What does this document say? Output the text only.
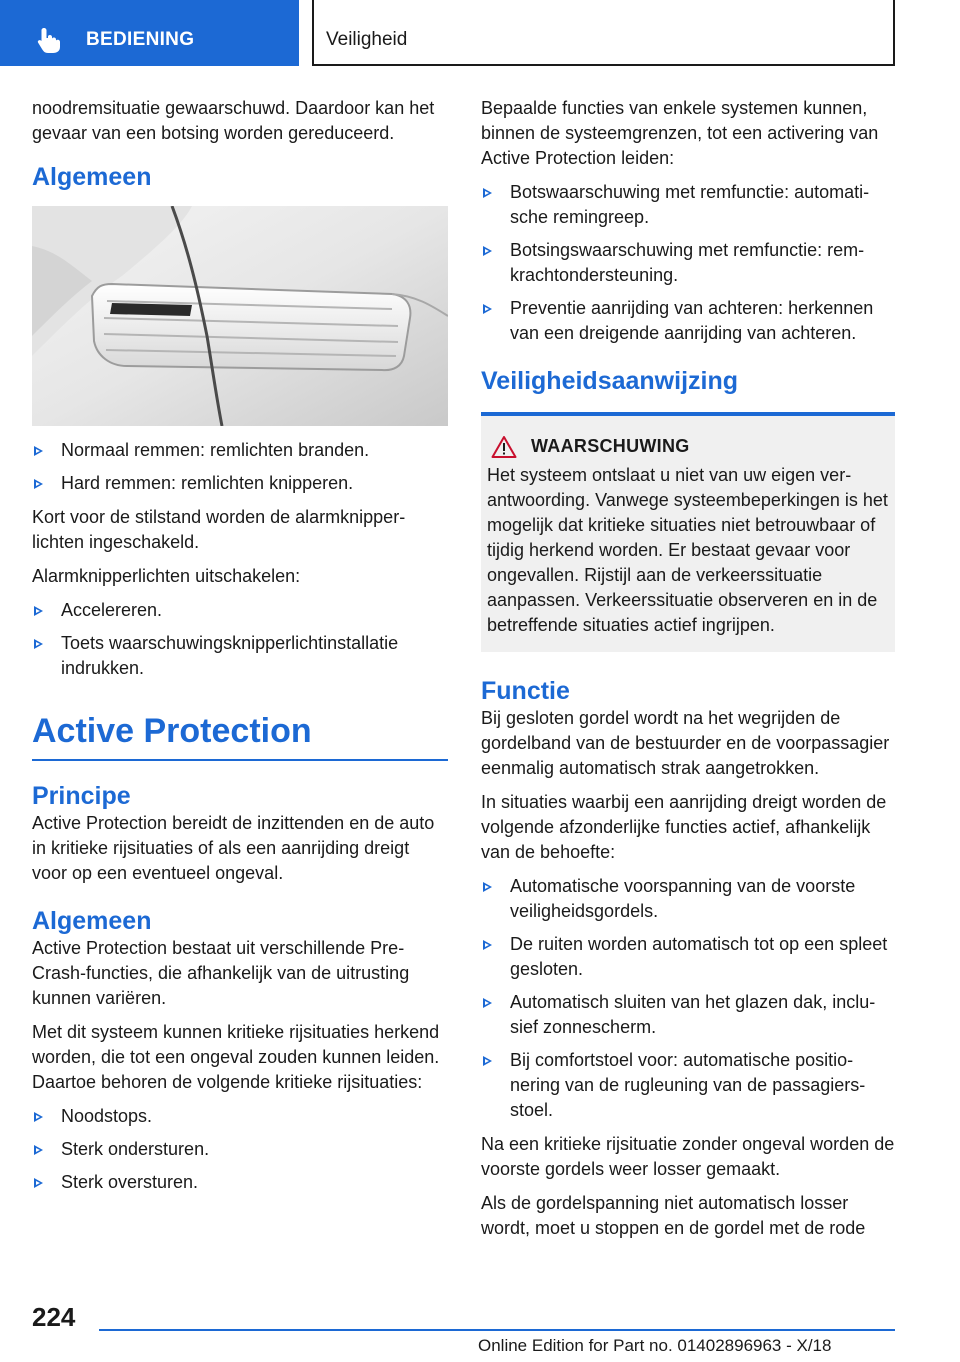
BEDIENING	Veiligheid

noodremsituatie gewaarschuwd. Daardoor kan het gevaar van een botsing worden gereduceerd.

Algemeen
Normaal remmen: remlichten branden.
Hard remmen: remlichten knipperen.

Kort voor de stilstand worden de alarmknipperlichten ingeschakeld.

Alarmknipperlichten uitschakelen:

Accelereren.
Toets waarschuwingsknipperlichtinstallatie indrukken.
Active Protection
Principe

Active Protection bereidt de inzittenden en de auto in kritieke rijsituaties of als een aanrijding dreigt voor op een eventueel ongeval.

Algemeen

Active Protection bestaat uit verschillende Pre-Crash-functies, die afhankelijk van de uitrusting kunnen variëren.

Met dit systeem kunnen kritieke rijsituaties herkend worden, die tot een ongeval zouden kunnen leiden. Daartoe behoren de volgende kritieke rijsituaties:

Noodstops.
Sterk ondersturen.
Sterk oversturen.

Bepaalde functies van enkele systemen kunnen, binnen de systeemgrenzen, tot een activering van Active Protection leiden:

Botswaarschuwing met remfunctie: automatische remingreep.
Botsingswaarschuwing met remfunctie: remkrachtondersteuning.
Preventie aanrijding van achteren: herkennen van een dreigende aanrijding van achteren.
Veiligheidsaanwijzing
WAARSCHUWING
Het systeem ontslaat u niet van uw eigen verantwoording. Vanwege systeembeperkingen is het mogelijk dat kritieke situaties niet betrouwbaar of tijdig herkend worden. Er bestaat gevaar voor ongevallen. Rijstijl aan de verkeerssituatie aanpassen. Verkeerssituatie observeren en in de betreffende situaties actief ingrijpen.
Functie

Bij gesloten gordel wordt na het wegrijden de gordelband van de bestuurder en de voorpassagier eenmalig automatisch strak aangetrokken.

In situaties waarbij een aanrijding dreigt worden de volgende afzonderlijke functies actief, afhankelijk van de behoefte:

Automatische voorspanning van de voorste veiligheidsgordels.
De ruiten worden automatisch tot op een spleet gesloten.
Automatisch sluiten van het glazen dak, inclusief zonnescherm.
Bij comfortstoel voor: automatische positionering van de rugleuning van de passagiersstoel.

Na een kritieke rijsituatie zonder ongeval worden de voorste gordels weer losser gemaakt.

Als de gordelspanning niet automatisch losser wordt, moet u stoppen en de gordel met de rode

224
Online Edition for Part no. 01402896963 - X/18
